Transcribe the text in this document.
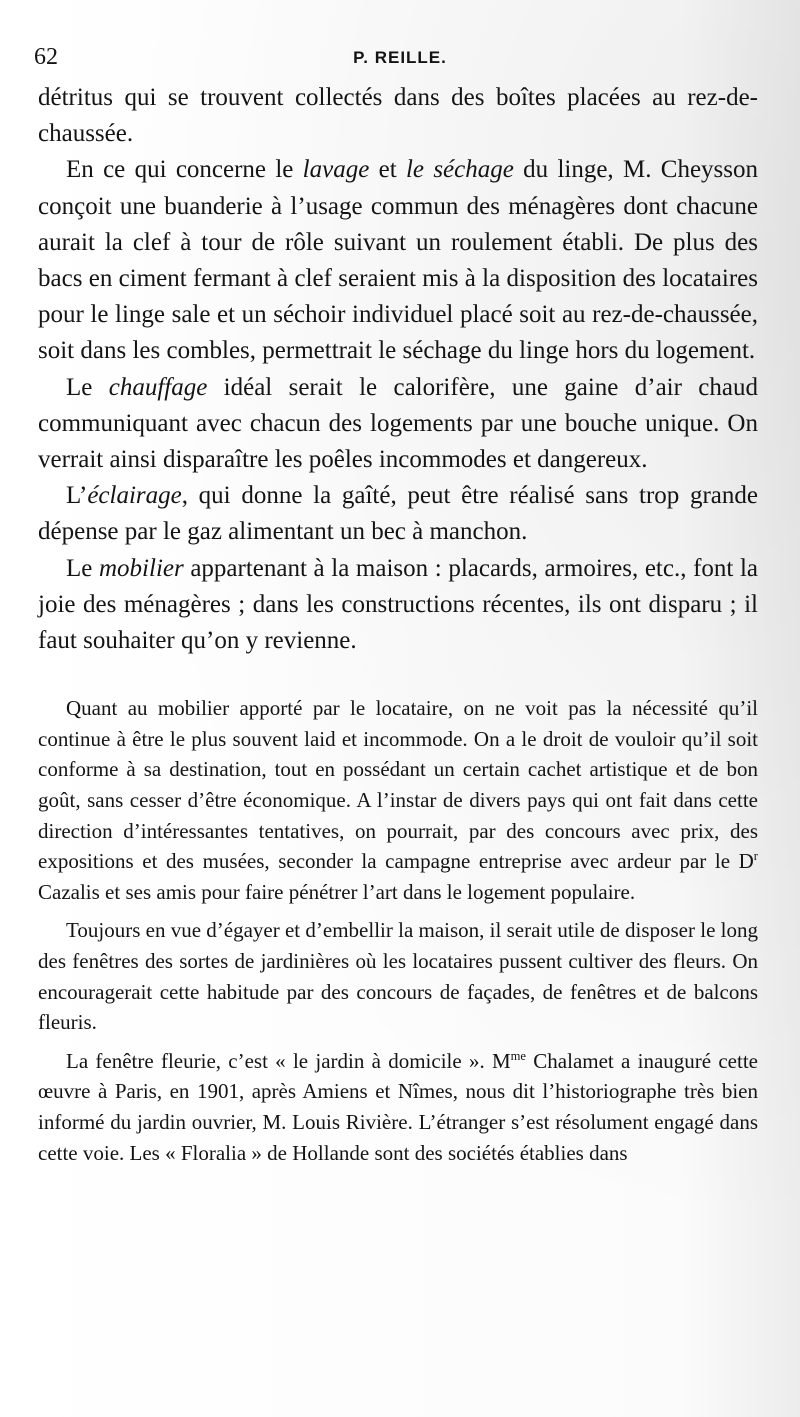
62	P. REILLE.

détritus qui se trouvent collectés dans des boîtes placées au rez-de-chaussée.

En ce qui concerne le lavage et le séchage du linge, M. Cheysson conçoit une buanderie à l’usage commun des ménagères dont chacune aurait la clef à tour de rôle suivant un roulement établi. De plus des bacs en ciment fermant à clef seraient mis à la disposition des locataires pour le linge sale et un séchoir individuel placé soit au rez-de-chaussée, soit dans les combles, permettrait le séchage du linge hors du logement.

Le chauffage idéal serait le calorifère, une gaine d’air chaud communiquant avec chacun des logements par une bouche unique. On verrait ainsi disparaître les poêles incommodes et dangereux.

L’éclairage, qui donne la gaîté, peut être réalisé sans trop grande dépense par le gaz alimentant un bec à manchon.

Le mobilier appartenant à la maison : placards, armoires, etc., font la joie des ménagères ; dans les constructions récentes, ils ont disparu ; il faut souhaiter qu’on y revienne.

Quant au mobilier apporté par le locataire, on ne voit pas la nécessité qu’il continue à être le plus souvent laid et incommode. On a le droit de vouloir qu’il soit conforme à sa destination, tout en possédant un certain cachet artistique et de bon goût, sans cesser d’être économique. A l’instar de divers pays qui ont fait dans cette direction d’intéressantes tentatives, on pourrait, par des concours avec prix, des expositions et des musées, seconder la campagne entreprise avec ardeur par le $D^r$ Cazalis et ses amis pour faire pénétrer l’art dans le logement populaire.

Toujours en vue d’égayer et d’embellir la maison, il serait utile de disposer le long des fenêtres des sortes de jardinières où les locataires pussent cultiver des fleurs. On encouragerait cette habitude par des concours de façades, de fenêtres et de balcons fleuris.

La fenêtre fleurie, c’est « le jardin à domicile ». $M^{me}$ Chalamet a inauguré cette œuvre à Paris, en 1901, après Amiens et Nîmes, nous dit l’historiographe très bien informé du jardin ouvrier, M. Louis Rivière. L’étranger s’est résolument engagé dans cette voie. Les « Floralia » de Hollande sont des sociétés établies dans
